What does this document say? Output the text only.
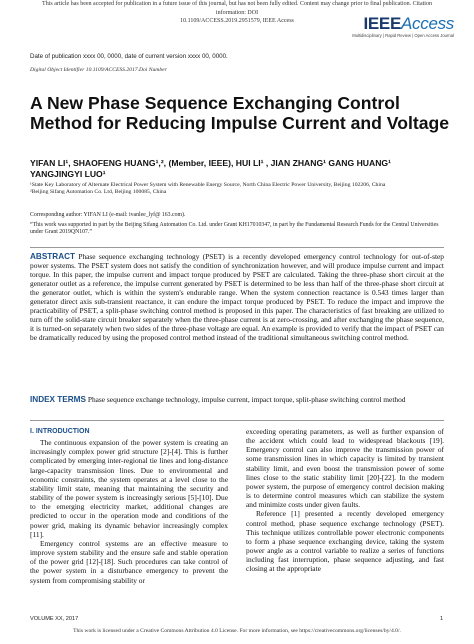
This article has been accepted for publication in a future issue of this journal, but has not been fully edited. Content may change prior to final publication. Citation information: DOI
10.1109/ACCESS.2019.2951579, IEEE Access	IEEEAccess
Multidisciplinary | Rapid Review | Open Access Journal
Date of publication xxxx 00, 0000, date of current version xxxx 00, 0000.
Digital Object Identifier 10.1109/ACCESS.2017.Doi Number
A New Phase Sequence Exchanging Control Method for Reducing Impulse Current and Voltage
YIFAN LI¹, SHAOFENG HUANG¹,², (Member, IEEE), HUI LI¹ , JIAN ZHANG¹ GANG HUANG¹ YANGJINGYI LUO¹
¹State Key Laboratory of Alternate Electrical Power System with Renewable Energy Source, North China Electric Power University, Beijing 102206, China
²Beijing Sifang Automation Co. Ltd, Beijing 100085, China
Corresponding author: YIFAN LI (e-mail: ivanlee_lyf@ 163.com).
“This work was supported in part by the Beijing Sifang Automation Co. Ltd. under Grant KH17010347, in part by the Fundamental Research Funds for the Central Universities under Grant 2019QN107.”
ABSTRACT Phase sequence exchanging technology (PSET) is a recently developed emergency control technology for out-of-step power systems. The PSET system does not satisfy the condition of synchronization however, and will produce impulse current and impact torque. In this paper, the impulse current and impact torque produced by PSET are calculated. Taking the three-phase short circuit at the generator outlet as a reference, the impulse current generated by PSET is determined to be less than half of the three-phase short circuit at the generator outlet, which is within the system's endurable range. When the system connection reactance is 0.543 times larger than generator direct axis sub-transient reactance, it can endure the impact torque produced by PSET. To reduce the impact and improve the practicability of PSET, a split-phase switching control method is proposed in this paper. The characteristics of fast breaking are utilized to turn off the solid-state circuit breaker separately when the three-phase current is at zero-crossing, and after exchanging the phase sequence, it is turned-on separately when two sides of the three-phase voltage are equal. An example is provided to verify that the impact of PSET can be dramatically reduced by using the proposed control method instead of the traditional simultaneous switching control method.
INDEX TERMS Phase sequence exchange technology, impulse current, impact torque, split-phase switching control method
I. INTRODUCTION

The continuous expansion of the power system is creating an increasingly complex power grid structure [2]-[4]. This is further complicated by emerging inter-regional tie lines and long-distance large-capacity transmission lines. Due to environmental and economic constraints, the system operates at a level close to the stability limit state, meaning that maintaining the security and stability of the power system is increasingly serious [5]-[10]. Due to the emerging electricity market, additional changes are predicted to occur in the operation mode and conditions of the power grid, making its dynamic behavior increasingly complex [11].

Emergency control systems are an effective measure to improve system stability and the ensure safe and stable operation of the power grid [12]-[18]. Such procedures can take control of the power system in a disturbance emergency to prevent the system from compromising stability or

exceeding operating parameters, as well as further expansion of the accident which could lead to widespread blackouts [19]. Emergency control can also improve the transmission power of some transmission lines in which capacity is limited by transient stability limit, and even boost the transmission power of some lines close to the static stability limit [20]-[22]. In the modern power system, the purpose of emergency control decision making is to determine control measures which can stabilize the system and minimize costs under given faults.

Reference [1] presented a recently developed emergency control method, phase sequence exchange technology (PSET). This technique utilizes controllable power electronic components to form a phase sequence exchanging device, taking the system power angle as a control variable to realize a series of functions including fast interruption, phase sequence adjusting, and fast closing at the appropriate

VOLUME XX, 2017	1
This work is licensed under a Creative Commons Attribution 4.0 License. For more information, see https://creativecommons.org/licenses/by/4.0/.
